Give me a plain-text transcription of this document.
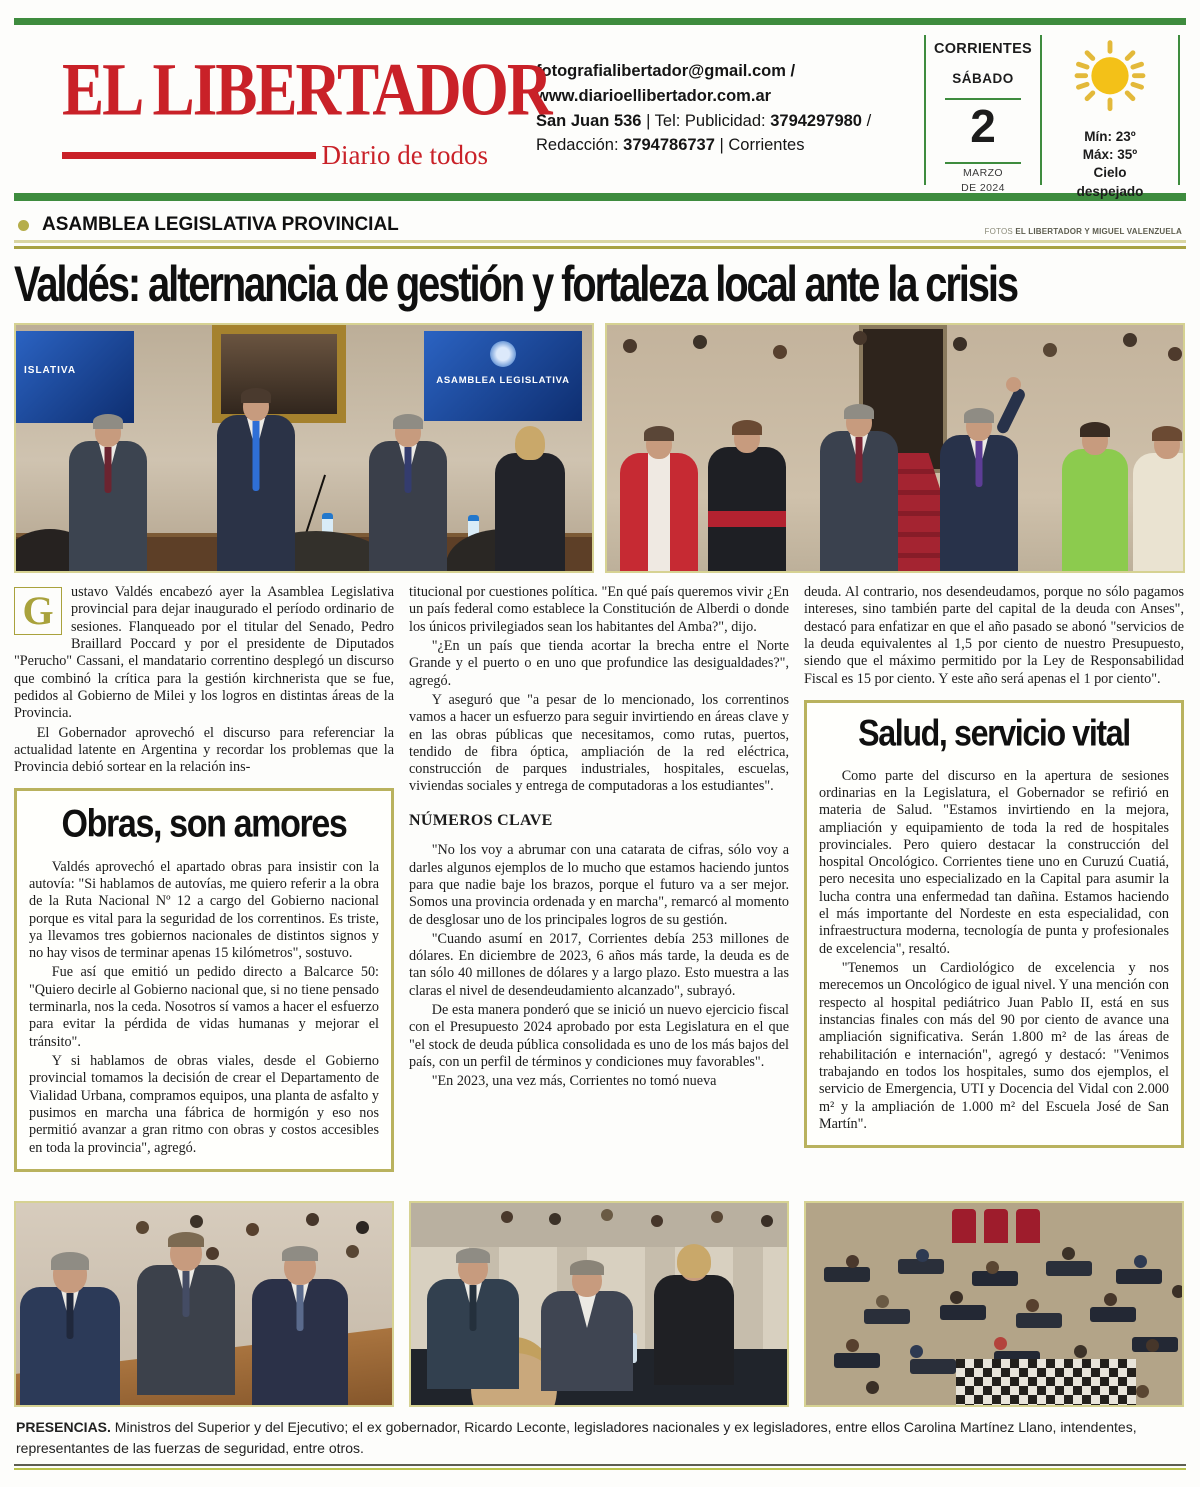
EL LIBERTADOR
Diario de todos
fotografialibertador@gmail.com /
www.diarioellibertador.com.ar
San Juan 536 | Tel: Publicidad: 3794297980 /
Redacción: 3794786737 | Corrientes
CORRIENTES
SÁBADO
2
MARZO
DE 2024
Mín: 23º
Máx: 35º
Cielo
despejado
ASAMBLEA LEGISLATIVA PROVINCIAL	FOTOS EL LIBERTADOR Y MIGUEL VALENZUELA
Valdés: alternancia de gestión y fortaleza local ante la crisis
ISLATIVA
ASAMBLEA LEGISLATIVA

G	ustavo Valdés encabezó ayer la Asamblea Legislativa provincial para dejar inaugurado el período ordinario de sesiones. Flanqueado por el titular del Senado, Pedro Braillard Poccard y por el presidente de Diputados "Perucho" Cassani, el mandatario correntino desplegó un discurso que combinó la crítica para la gestión kirchnerista que se fue, pedidos al Gobierno de Milei y los logros en distintas áreas de la Provincia.

El Gobernador aprovechó el discurso para referenciar la actualidad latente en Argentina y recordar los problemas que la Provincia debió sortear en la relación ins-

Obras, son amores

Valdés aprovechó el apartado obras para insistir con la autovía: "Si hablamos de autovías, me quiero referir a la obra de la Ruta Nacional Nº 12 a cargo del Gobierno nacional porque es vital para la seguridad de los correntinos. Es triste, ya llevamos tres gobiernos nacionales de distintos signos y no hay visos de terminar apenas 15 kilómetros", sostuvo.

Fue así que emitió un pedido directo a Balcarce 50: "Quiero decirle al Gobierno nacional que, si no tiene pensado terminarla, nos la ceda. Nosotros sí vamos a hacer el esfuerzo para evitar la pérdida de vidas humanas y mejorar el tránsito".

Y si hablamos de obras viales, desde el Gobierno provincial tomamos la decisión de crear el Departamento de Vialidad Urbana, compramos equipos, una planta de asfalto y pusimos en marcha una fábrica de hormigón y eso nos permitió avanzar a gran ritmo con obras y costos accesibles en toda la provincia", agregó.

titucional por cuestiones política. "En qué país queremos vivir ¿En un país federal como establece la Constitución de Alberdi o donde los únicos privilegiados sean los habitantes del Amba?", dijo.

"¿En un país que tienda acortar la brecha entre el Norte Grande y el puerto o en uno que profundice las desigualdades?", agregó.

Y aseguró que "a pesar de lo mencionado, los correntinos vamos a hacer un esfuerzo para seguir invirtiendo en áreas clave y en las obras públicas que necesitamos, como rutas, puertos, tendido de fibra óptica, ampliación de la red eléctrica, construcción de parques industriales, hospitales, escuelas, viviendas sociales y entrega de computadoras a los estudiantes".

NÚMEROS CLAVE

"No los voy a abrumar con una catarata de cifras, sólo voy a darles algunos ejemplos de lo mucho que estamos haciendo juntos para que nadie baje los brazos, porque el futuro va a ser mejor. Somos una provincia ordenada y en marcha", remarcó al momento de desglosar uno de los principales logros de su gestión.

"Cuando asumí en 2017, Corrientes debía 253 millones de dólares. En diciembre de 2023, 6 años más tarde, la deuda es de tan sólo 40 millones de dólares y a largo plazo. Esto muestra a las claras el nivel de desendeudamiento alcanzado", subrayó.

De esta manera ponderó que se inició un nuevo ejercicio fiscal con el Presupuesto 2024 aprobado por esta Legislatura en el que "el stock de deuda pública consolidada es uno de los más bajos del país, con un perfil de términos y condiciones muy favorables".

"En 2023, una vez más, Corrientes no tomó nueva

deuda. Al contrario, nos desendeudamos, porque no sólo pagamos intereses, sino también parte del capital de la deuda con Anses", destacó para enfatizar en que el año pasado se abonó "servicios de la deuda equivalentes al 1,5 por ciento de nuestro Presupuesto, siendo que el máximo permitido por la Ley de Responsabilidad Fiscal es 15 por ciento. Y este año será apenas el 1 por ciento".

Salud, servicio vital

Como parte del discurso en la apertura de sesiones ordinarias en la Legislatura, el Gobernador se refirió en materia de Salud. "Estamos invirtiendo en la mejora, ampliación y equipamiento de toda la red de hospitales provinciales. Pero quiero destacar la construcción del hospital Oncológico. Corrientes tiene uno en Curuzú Cuatiá, pero necesita uno especializado en la Capital para asumir la lucha contra una enfermedad tan dañina. Estamos haciendo el más importante del Nordeste en esta especialidad, con infraestructura moderna, tecnología de punta y profesionales de excelencia", resaltó.

"Tenemos un Cardiológico de excelencia y nos merecemos un Oncológico de igual nivel. Y una mención con respecto al hospital pediátrico Juan Pablo II, está en sus instancias finales con más del 90 por ciento de avance una ampliación significativa. Serán 1.800 m² de las áreas de rehabilitación e internación", agregó y destacó: "Venimos trabajando en todos los hospitales, sumo dos ejemplos, el servicio de Emergencia, UTI y Docencia del Vidal con 2.000 m² y la ampliación de 1.000 m² del Escuela José de San Martín".

PRESENCIAS. Ministros del Superior y del Ejecutivo; el ex gobernador, Ricardo Leconte, legisladores nacionales y ex legisladores, entre ellos Carolina Martínez Llano, intendentes, representantes de las fuerzas de seguridad, entre otros.
